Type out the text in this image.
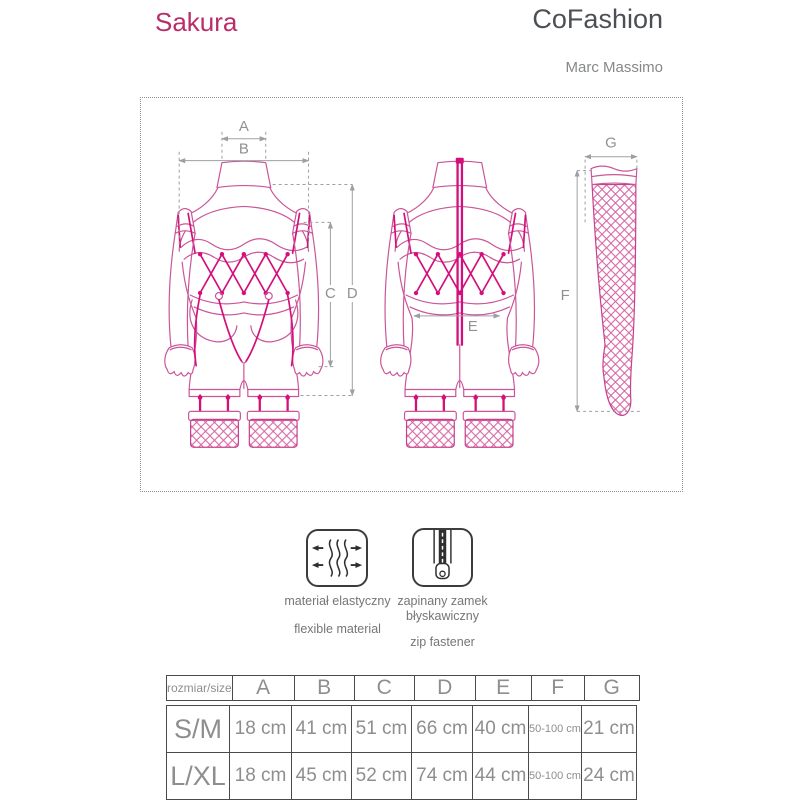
Sakura	CoFashion
Marc Massimo
A
B
C D
E
F
G
materiał elastyczny
flexible material
zapinany zamek
błyskawiczny
zip fastener
rozmiar/size	A	B	C	D	E	F	G
S/M	18 cm	41 cm	51 cm	66 cm	40 cm	50-100 cm	21 cm
L/XL	18 cm	45 cm	52 cm	74 cm	44 cm	50-100 cm	24 cm
